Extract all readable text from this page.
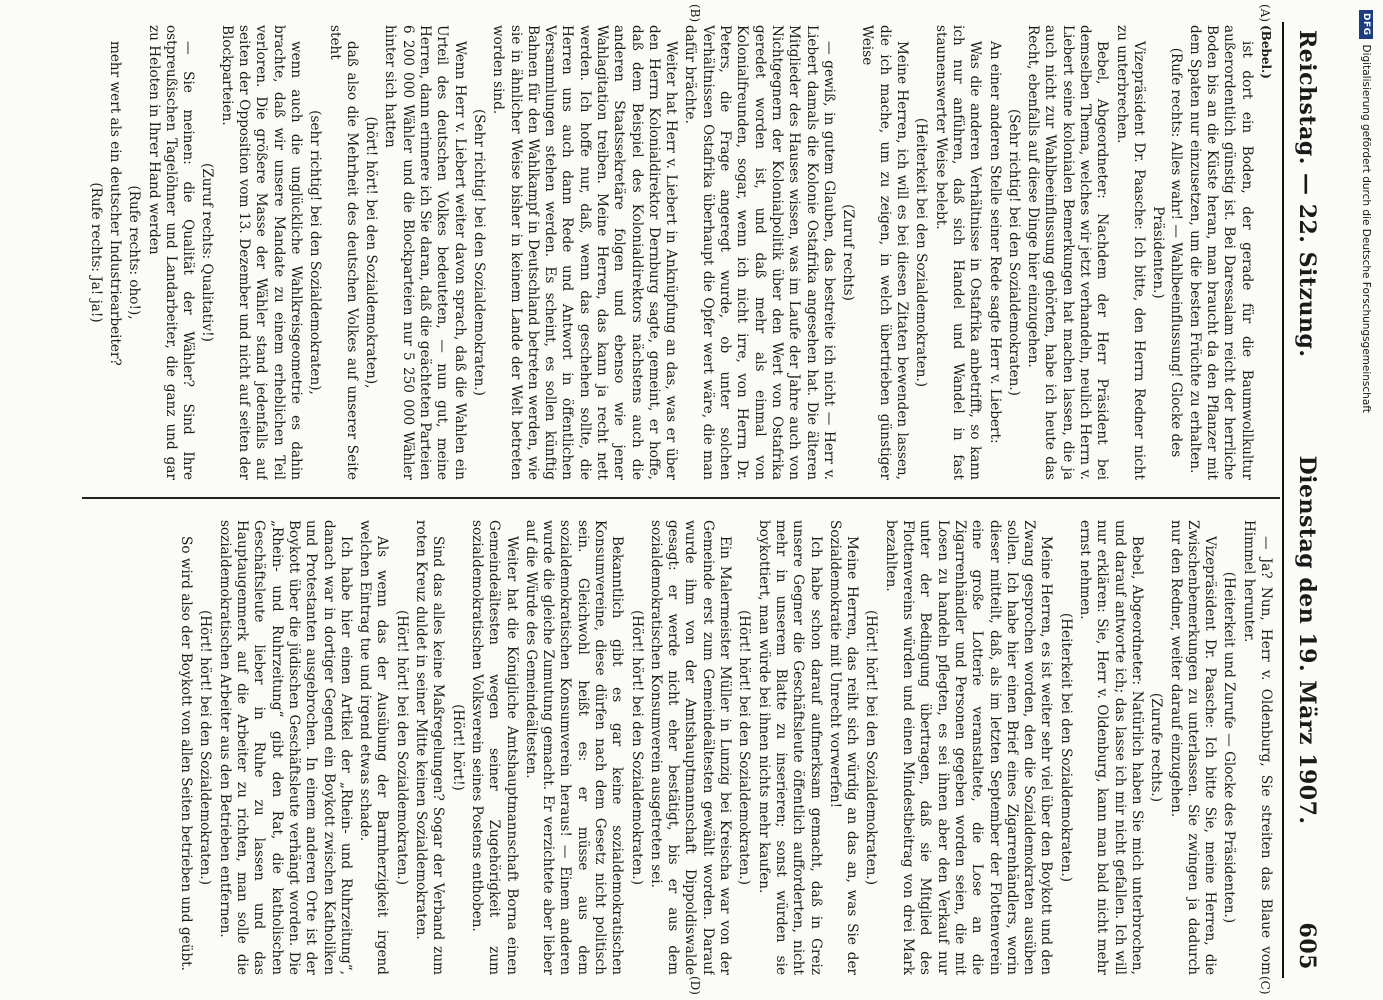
Reichstag. — 22. Sitzung.
Dienstag den 19. März 1907.
605
(A)
(B)
(C)
(D)

(Bebel.)

ist dort ein Boden, der gerade für die Baumwollkultur außerordentlich günstig ist. Bei Daressalam reicht der herrliche Boden bis an die Küste heran, man braucht da den Pflanzer mit dem Spaten nur einzusetzen, um die besten Früchte zu erhalten.

(Rufe rechts: Alles wahr! — Wahlbeeinflussung! Glocke des Präsidenten.)

Vizepräsident Dr. Paasche: Ich bitte, den Herrn Redner nicht zu unterbrechen.

Bebel, Abgeordneter: Nachdem der Herr Präsident bei demselben Thema, welches wir jetzt verhandeln, neulich Herrn v. Liebert seine kolonialen Bemerkungen hat machen lassen, die ja auch nicht zur Wahlbeeinflussung gehörten, habe ich heute das Recht, ebenfalls auf diese Dinge hier einzugehen.

(Sehr richtig! bei den Sozialdemokraten.)

An einer anderen Stelle seiner Rede sagte Herr v. Liebert:

Was die anderen Verhältnisse in Ostafrika anbetrifft, so kann ich nur anführen, daß sich Handel und Wandel in fast staunenswerter Weise belebt.

(Heiterkeit bei den Sozialdemokraten.)

Meine Herren, ich will es bei diesen Zitaten bewenden lassen, die ich mache, um zu zeigen, in welch übertrieben günstiger Weise

(Zuruf rechts)

— gewiß, in gutem Glauben, das bestreite ich nicht — Herr v. Liebert damals die Kolonie Ostafrika angesehen hat. Die älteren Mitglieder des Hauses wissen, was im Laufe der Jahre auch von Nichtgegnern der Kolonialpolitik über den Wert von Ostafrika geredet worden ist, und daß mehr als einmal von Kolonialfreunden, sogar, wenn ich nicht irre, von Herrn Dr. Peters, die Frage angeregt wurde, ob unter solchen Verhältnissen Ostafrika überhaupt die Opfer wert wäre, die man dafür brächte.

Weiter hat Herr v. Liebert in Anknüpfung an das, was er über den Herrn Kolonialdirektor Dernburg sagte, gemeint, er hoffe, daß dem Beispiel des Kolonialdirektors nächstens auch die anderen Staatssekretäre folgen und ebenso wie jener Wahlagitation treiben. Meine Herren, das kann ja recht nett werden. Ich hoffe nur, daß, wenn das geschehen sollte, die Herren uns auch dann Rede und Antwort in öffentlichen Versammlungen stehen werden. Es scheint, es sollen künftig Bahnen für den Wahlkampf in Deutschland betreten werden, wie sie in ähnlicher Weise bisher in keinem Lande der Welt betreten worden sind.

(Sehr richtig! bei den Sozialdemokraten.)

Wenn Herr v. Liebert weiter davon sprach, daß die Wahlen ein Urteil des deutschen Volkes bedeuteten, — nun gut, meine Herren, dann erinnere ich Sie daran, daß die geächteten Parteien 6 200 000 Wähler und die Blockparteien nur 5 250 000 Wähler hinter sich hatten

(hört! hört! bei den Sozialdemokraten),

daß also die Mehrheit des deutschen Volkes auf unserer Seite steht

(sehr richtig! bei den Sozialdemokraten),

wenn auch die unglückliche Wahlkreisgeometrie es dahin brachte, daß wir unsere Mandate zu einem erheblichen Teil verloren. Die größere Masse der Wähler stand jedenfalls auf seiten der Opposition vom 13. Dezember und nicht auf seiten der Blockparteien.

(Zuruf rechts: Qualitativ!)

— Sie meinen: die Qualität der Wähler? Sind Ihre ostpreußischen Tagelöhner und Landarbeiter, die ganz und gar zu Heloten in Ihrer Hand werden

(Rufe rechts: oho!),

mehr wert als ein deutscher Industriearbeiter?

(Rufe rechts: Ja! ja!)

— Ja? Nun, Herr v. Oldenburg, Sie streiten das Blaue vom Himmel herunter.

(Heiterkeit und Zurufe — Glocke des Präsidenten.)

Vizepräsident Dr. Paasche: Ich bitte Sie, meine Herren, die Zwischenbemerkungen zu unterlassen. Sie zwingen ja dadurch nur den Redner, weiter darauf einzugehen.

(Zurufe rechts.)

Bebel, Abgeordneter: Natürlich haben Sie mich unterbrochen, und darauf antworte ich; das lasse ich mir nicht gefallen. Ich will nur erklären: Sie, Herr v. Oldenburg, kann man bald nicht mehr ernst nehmen.

(Heiterkeit bei den Sozialdemokraten.)

Meine Herren, es ist weiter sehr viel über den Boykott und den Zwang gesprochen worden, den die Sozialdemokraten ausüben sollen. Ich habe hier einen Brief eines Zigarrenhändlers, worin dieser mitteilt, daß, als im letzten September der Flottenverein eine große Lotterie veranstaltete, die Lose an die Zigarrenhändler und Personen gegeben worden seien, die mit Losen zu handeln pflegten, es sei ihnen aber den Verkauf nur unter der Bedingung übertragen, daß sie Mitglied des Flottenvereins würden und einen Mindestbeitrag von drei Mark bezahlten.

(Hört! hört! bei den Sozialdemokraten.)

Meine Herren, das reiht sich würdig an das an, was Sie der Sozialdemokratie mit Unrecht vorwerfen!

Ich habe schon darauf aufmerksam gemacht, daß in Greiz unsere Gegner die Geschäftsleute öffentlich aufforderten, nicht mehr in unserem Blatte zu inserieren; sonst würden sie boykottiert, man würde bei ihnen nichts mehr kaufen.

(Hört! hört! bei den Sozialdemokraten.)

Ein Malermeister Müller in Lunzig bei Kreischa war von der Gemeinde erst zum Gemeindeältesten gewählt worden. Darauf wurde ihm von der Amtshauptmannschaft Dippoldiswalde gesagt: er werde nicht eher bestätigt, bis er aus dem sozialdemokratischen Konsumverein ausgetreten sei.

(Hört! hört! bei den Sozialdemokraten.)

Bekanntlich gibt es gar keine sozialdemokratischen Konsumvereine, diese dürfen nach dem Gesetz nicht politisch sein. Gleichwohl heißt es: er müsse aus dem sozialdemokratischen Konsumverein heraus! — Einem anderen wurde die gleiche Zumutung gemacht. Er verzichtete aber lieber auf die Würde des Gemeindeältesten.

Weiter hat die Königliche Amtshauptmannschaft Borna einen Gemeindeältesten wegen seiner Zugehörigkeit zum sozialdemokratischen Volksverein seines Postens enthoben.

(Hört! hört!)

Sind das alles keine Maßregelungen? Sogar der Verband zum roten Kreuz duldet in seiner Mitte keinen Sozialdemokraten.

(Hört! hört! bei den Sozialdemokraten.)

Als wenn das der Ausübung der Barmherzigkeit irgend welchen Eintrag tue und irgend etwas schade.

Ich habe hier einen Artikel der „Rhein- und Ruhrzeitung“, danach war in dortiger Gegend ein Boykott zwischen Katholiken und Protestanten ausgebrochen. In einem anderen Orte ist der Boykott über die jüdischen Geschäftsleute verhängt worden. Die „Rhein- und Ruhrzeitung“ gibt den Rat, die katholischen Geschäftsleute lieber in Ruhe zu lassen und das Hauptaugenmerk auf die Arbeiter zu richten, man solle die sozialdemokratischen Arbeiter aus den Betrieben entfernen.

(Hört! hört! bei den Sozialdemokraten.)

So wird also der Boykott von allen Seiten betrieben und geübt.

DFG
Digitalisierung gefördert durch die Deutsche Forschungsgemeinschaft
